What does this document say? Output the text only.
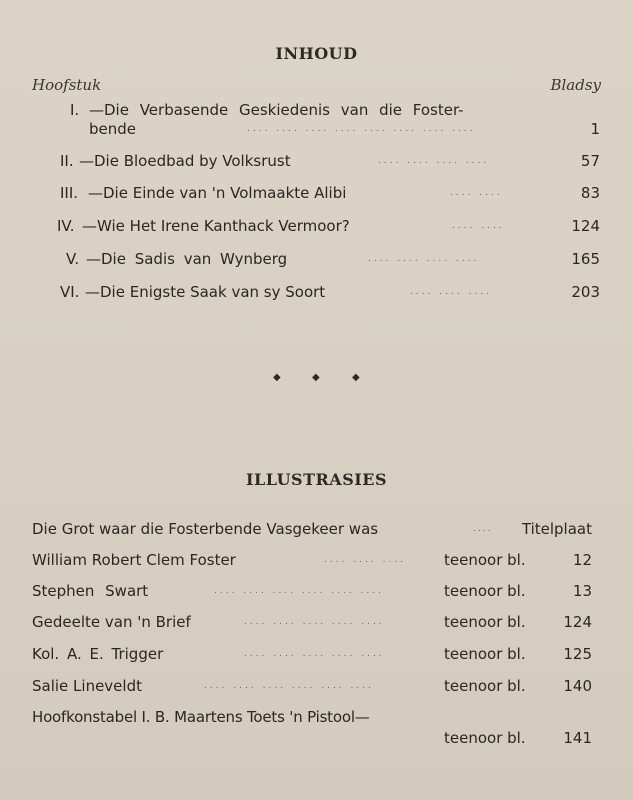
INHOUD
Hoofstuk	Bladsy
I. —Die Verbasende Geskiedenis van die Foster-
bende	.... .... .... .... .... .... .... ....	1
II. —Die Bloedbad by Volksrust	.... .... .... ....	57
III. —Die Einde van 'n Volmaakte Alibi	.... ....	83
IV. —Wie Het Irene Kanthack Vermoor?	.... ....	124
V. —Die Sadis van Wynberg	.... .... .... ....	165
VI. —Die Enigste Saak van sy Soort	.... .... ....	203
◆	◆	◆
ILLUSTRASIES
Die Grot waar die Fosterbende Vasgekeer was	.... Titelplaat
William Robert Clem Foster	.... .... ....	teenoor bl.	12
Stephen Swart	.... .... .... .... .... ....	teenoor bl.	13
Gedeelte van 'n Brief	.... .... .... .... ....	teenoor bl.	124
Kol. A. E. Trigger	.... .... .... .... ....	teenoor bl.	125
Salie Lineveldt	.... .... .... .... .... ....	teenoor bl.	140
Hoofkonstabel I. B. Maartens Toets 'n Pistool—
teenoor bl.	141
